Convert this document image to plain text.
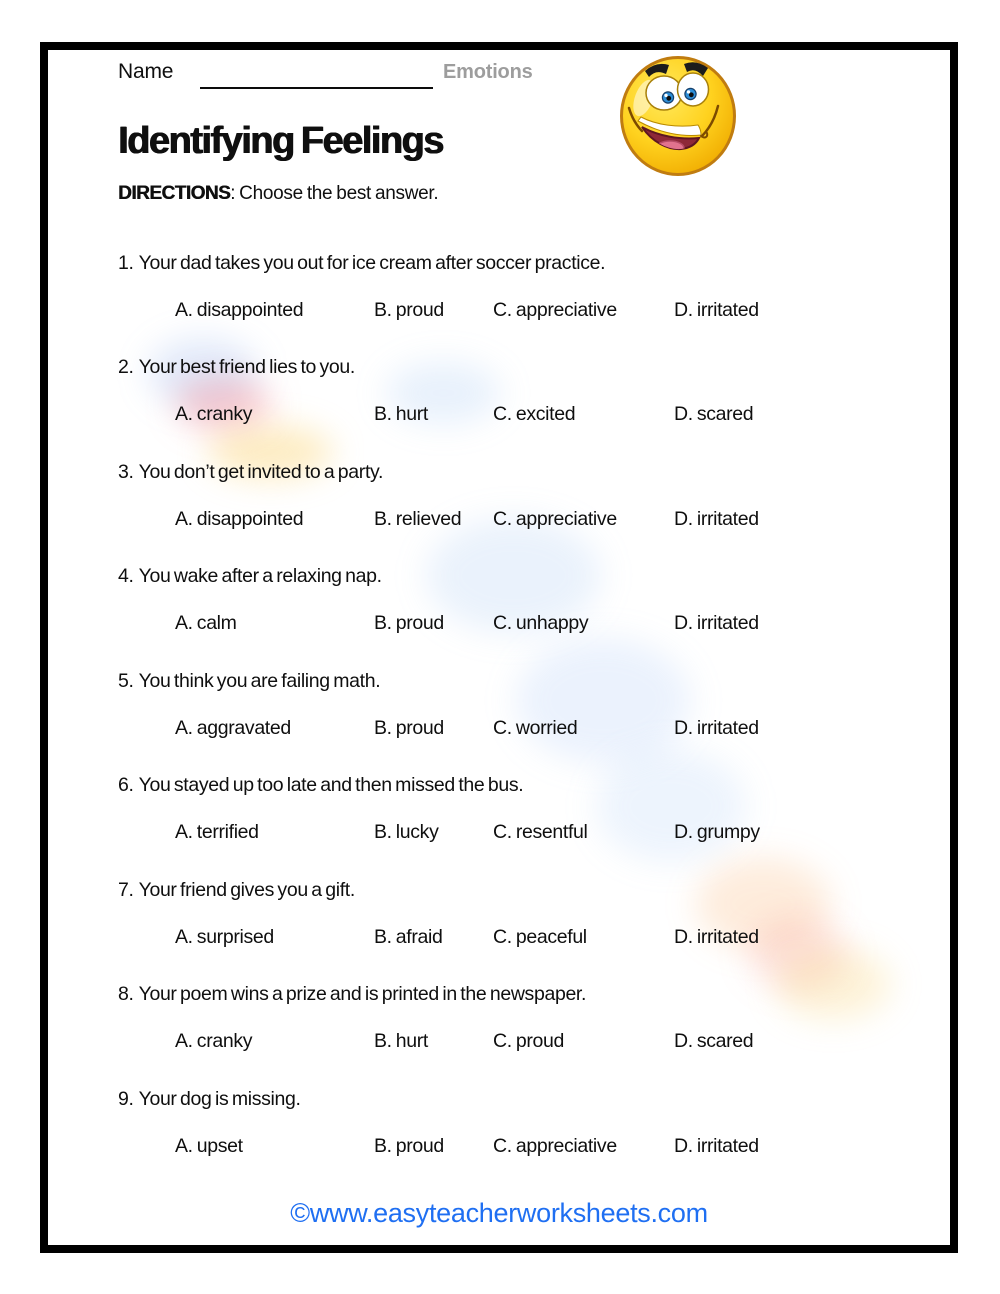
Name	Emotions
Identifying Feelings

DIRECTIONS: Choose the best answer.

1. Your dad takes you out for ice cream after soccer practice.
A. disappointed	B. proud	C. appreciative	D. irritated
2. Your best friend lies to you.
A. cranky	B. hurt	C. excited	D. scared
3. You don’t get invited to a party.
A. disappointed	B. relieved	C. appreciative	D. irritated
4. You wake after a relaxing nap.
A. calm	B. proud	C. unhappy	D. irritated
5. You think you are failing math.
A. aggravated	B. proud	C. worried	D. irritated
6. You stayed up too late and then missed the bus.
A. terrified	B. lucky	C. resentful	D. grumpy
7. Your friend gives you a gift.
A. surprised	B. afraid	C. peaceful	D. irritated
8. Your poem wins a prize and is printed in the newspaper.
A. cranky	B. hurt	C. proud	D. scared
9. Your dog is missing.
A. upset	B. proud	C. appreciative	D. irritated
©www.easyteacherworksheets.com
